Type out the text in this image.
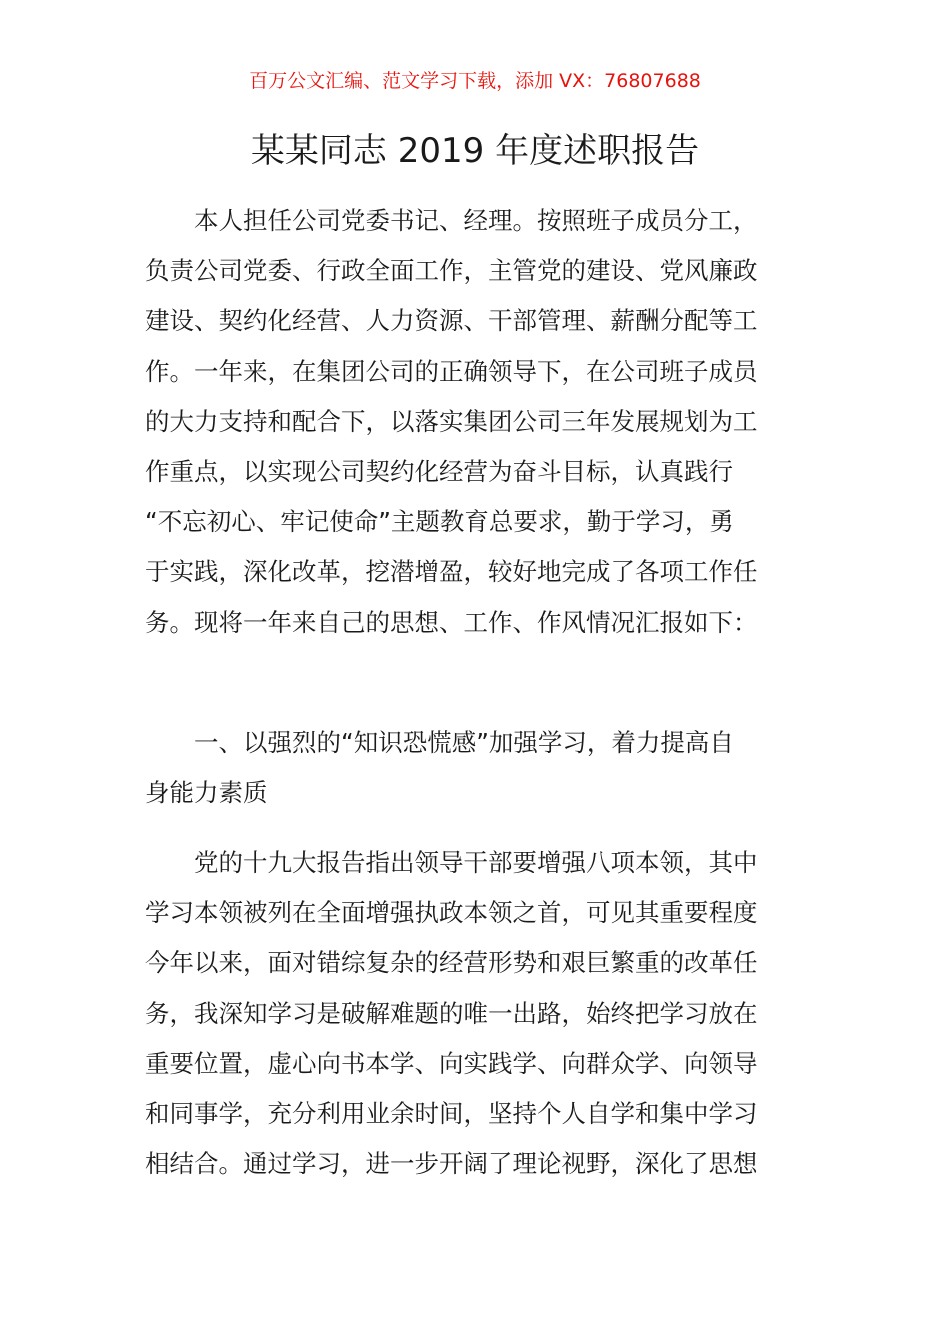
百万公文汇编、范文学习下载，添加 VX：76807688
某某同志 2019 年度述职报告
本人担任公司党委书记、经理。按照班子成员分工，
负责公司党委、行政全面工作，主管党的建设、党风廉政
建设、契约化经营、人力资源、干部管理、薪酬分配等工
作。一年来，在集团公司的正确领导下，在公司班子成员
的大力支持和配合下，以落实集团公司三年发展规划为工
作重点，以实现公司契约化经营为奋斗目标，认真践行
“不忘初心、牢记使命”主题教育总要求，勤于学习，勇
于实践，深化改革，挖潜增盈，较好地完成了各项工作任
务。现将一年来自己的思想、工作、作风情况汇报如下：
一、以强烈的“知识恐慌感”加强学习，着力提高自
身能力素质
党的十九大报告指出领导干部要增强八项本领，其中
学习本领被列在全面增强执政本领之首，可见其重要程度
今年以来，面对错综复杂的经营形势和艰巨繁重的改革任
务，我深知学习是破解难题的唯一出路，始终把学习放在
重要位置，虚心向书本学、向实践学、向群众学、向领导
和同事学，充分利用业余时间，坚持个人自学和集中学习
相结合。通过学习，进一步开阔了理论视野，深化了思想
